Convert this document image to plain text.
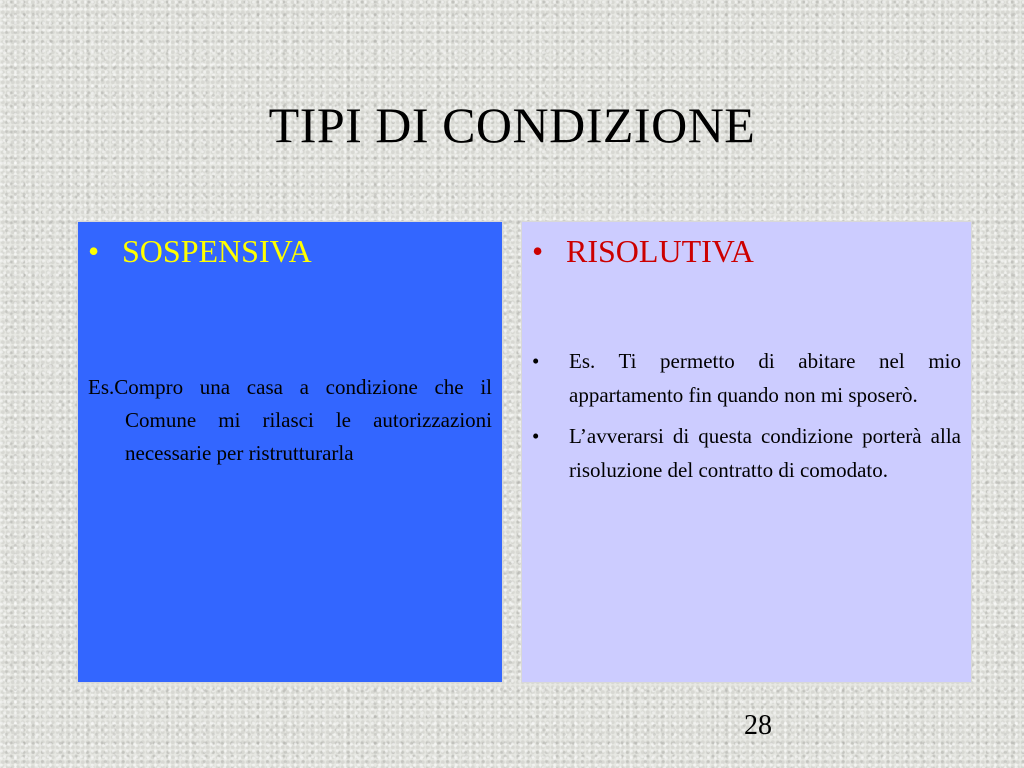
TIPI DI CONDIZIONE
• SOSPENSIVA
Es.Compro una casa a condizione che il Comune mi rilasci le autorizzazioni necessarie per ristrutturarla
• RISOLUTIVA
•	Es. Ti permetto di abitare nel mio appartamento fin quando non mi sposerò.
•	L’avverarsi di questa condizione porterà alla risoluzione del contratto di comodato.
28
